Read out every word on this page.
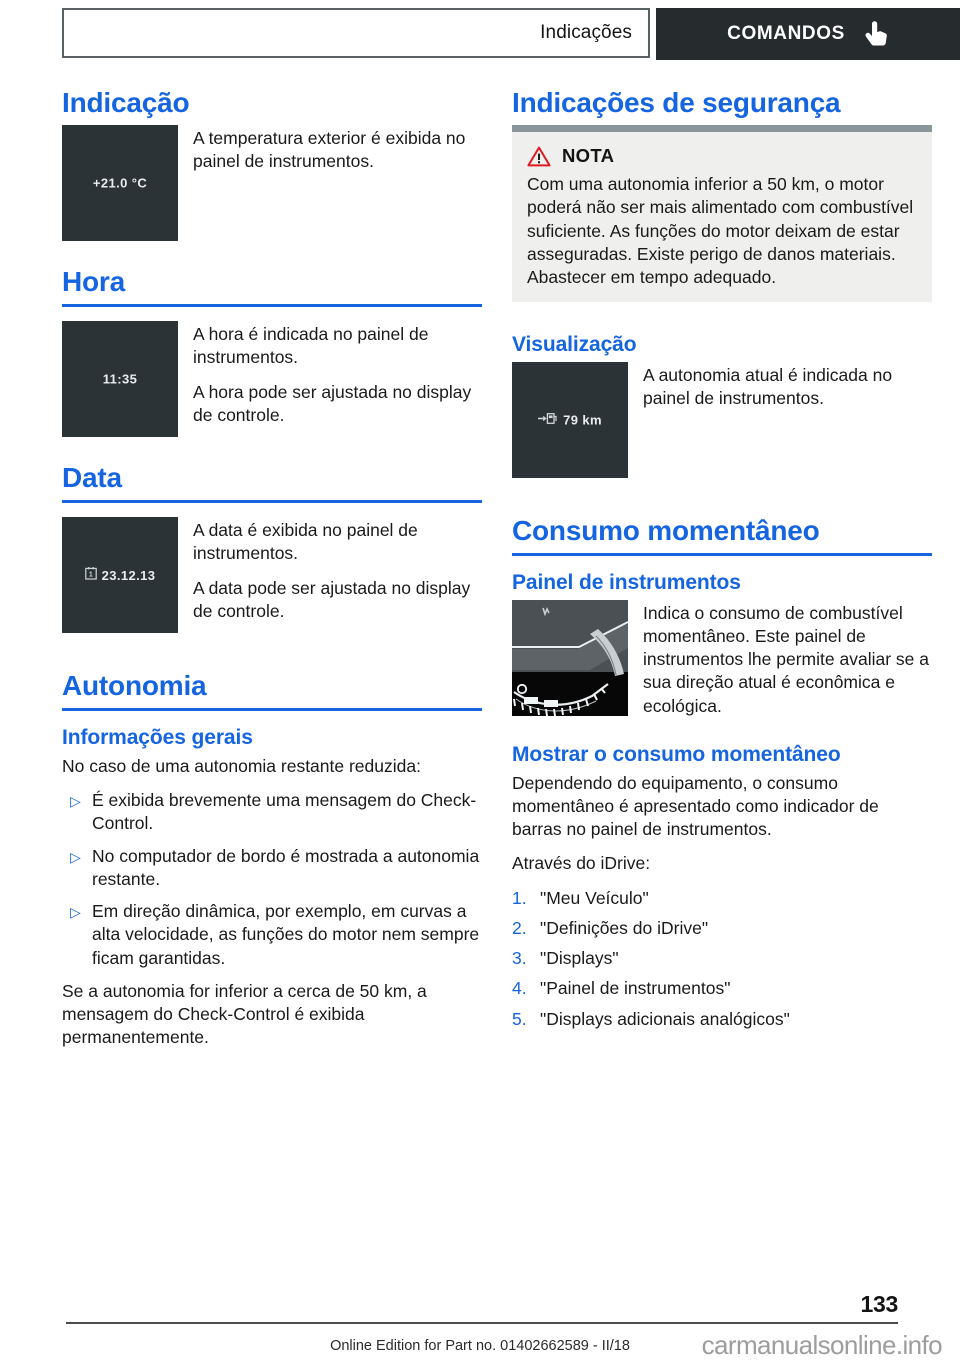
Indicações	COMANDOS
Indicação
+21.0 °C

A temperatura exterior é exibida no painel de instrumentos.

Hora
11:35

A hora é indicada no painel de instrumentos.

A hora pode ser ajustada no display de controle.

Data
1 23.12.13

A data é exibida no painel de instrumentos.

A data pode ser ajustada no display de controle.

Autonomia
Informações gerais

No caso de uma autonomia restante reduzida:

▷ É exibida brevemente uma mensagem do Check-Control.
▷ No computador de bordo é mostrada a autonomia restante.
▷ Em direção dinâmica, por exemplo, em curvas a alta velocidade, as funções do motor nem sempre ficam garantidas.

Se a autonomia for inferior a cerca de 50 km, a mensagem do Check-Control é exibida permanentemente.

Indicações de segurança
NOTA
Com uma autonomia inferior a 50 km, o motor poderá não ser mais alimentado com combustível suficiente. As funções do motor deixam de estar asseguradas. Existe perigo de danos materiais. Abastecer em tempo adequado.
Visualização
79 km

A autonomia atual é indicada no painel de instrumentos.

Consumo momentâneo
Painel de instrumentos

Indica o consumo de combustível momentâneo. Este painel de instrumentos lhe permite avaliar se a sua direção atual é econômica e ecológica.

Mostrar o consumo momentâneo

Dependendo do equipamento, o consumo momentâneo é apresentado como indicador de barras no painel de instrumentos.

Através do iDrive:

1. "Meu Veículo"
2. "Definições do iDrive"
3. "Displays"
4. "Painel de instrumentos"
5. "Displays adicionais analógicos"
133
Online Edition for Part no. 01402662589 - II/18	carmanualsonline.info
